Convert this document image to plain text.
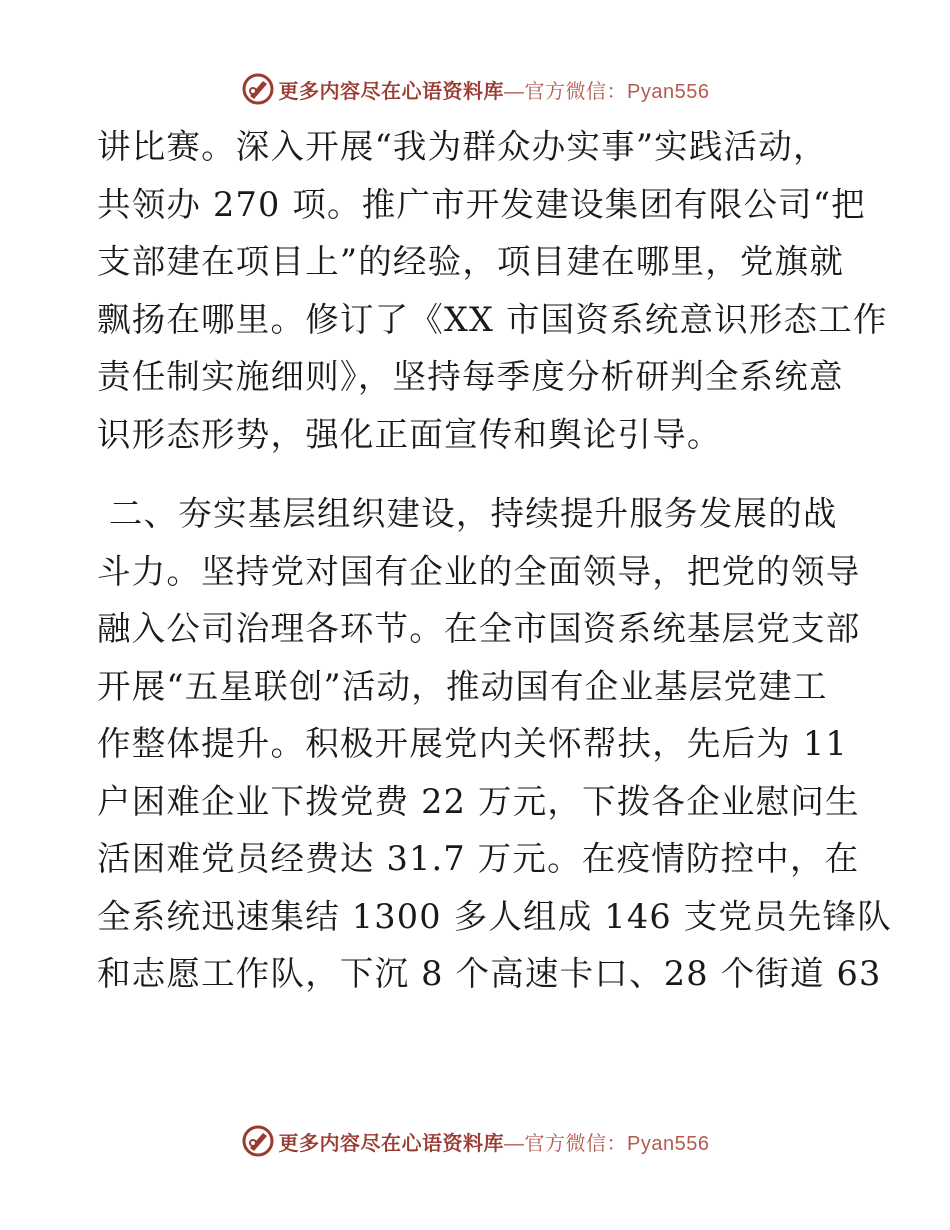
更多内容尽在心语资料库 —官方微信：Pyan556
讲比赛。深入开展“我为群众办实事”实践活动，
共领办 270 项。推广市开发建设集团有限公司“把
支部建在项目上”的经验，项目建在哪里，党旗就
飘扬在哪里。修订了《XX 市国资系统意识形态工作
责任制实施细则》，坚持每季度分析研判全系统意
识形态形势，强化正面宣传和舆论引导。
二、夯实基层组织建设，持续提升服务发展的战
斗力。坚持党对国有企业的全面领导，把党的领导
融入公司治理各环节。在全市国资系统基层党支部
开展“五星联创”活动，推动国有企业基层党建工
作整体提升。积极开展党内关怀帮扶，先后为 11
户困难企业下拨党费 22 万元，下拨各企业慰问生
活困难党员经费达 31.7 万元。在疫情防控中，在
全系统迅速集结 1300 多人组成 146 支党员先锋队
和志愿工作队，下沉 8 个高速卡口、28 个街道 63
更多内容尽在心语资料库 —官方微信：Pyan556
